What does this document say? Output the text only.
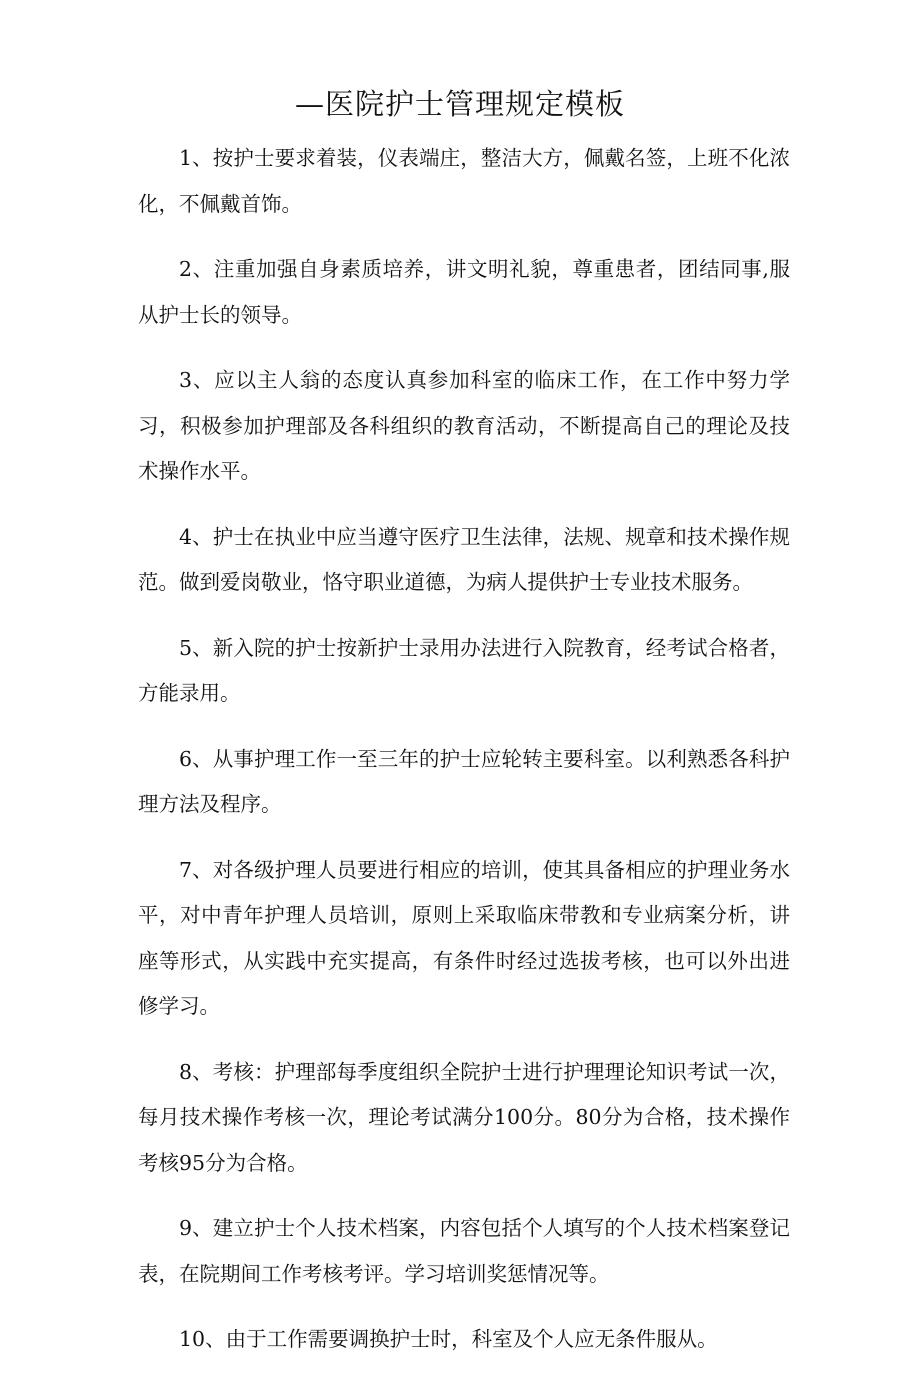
—医院护士管理规定模板
1、按护士要求着装，仪表端庄，整洁大方，佩戴名签，上班不化浓化，不佩戴首饰。
2、注重加强自身素质培养，讲文明礼貌，尊重患者，团结同事,服从护士长的领导。
3、应以主人翁的态度认真参加科室的临床工作，在工作中努力学习，积极参加护理部及各科组织的教育活动，不断提高自己的理论及技术操作水平。
4、护士在执业中应当遵守医疗卫生法律，法规、规章和技术操作规范。做到爱岗敬业，恪守职业道德，为病人提供护士专业技术服务。
5、新入院的护士按新护士录用办法进行入院教育，经考试合格者，方能录用。
6、从事护理工作一至三年的护士应轮转主要科室。以利熟悉各科护理方法及程序。
7、对各级护理人员要进行相应的培训，使其具备相应的护理业务水平，对中青年护理人员培训，原则上采取临床带教和专业病案分析，讲座等形式，从实践中充实提高，有条件时经过选拔考核，也可以外出进修学习。
8、考核：护理部每季度组织全院护士进行护理理论知识考试一次，每月技术操作考核一次，理论考试满分100分。80分为合格，技术操作考核95分为合格。
9、建立护士个人技术档案，内容包括个人填写的个人技术档案登记表，在院期间工作考核考评。学习培训奖惩情况等。
10、由于工作需要调换护士时，科室及个人应无条件服从。
